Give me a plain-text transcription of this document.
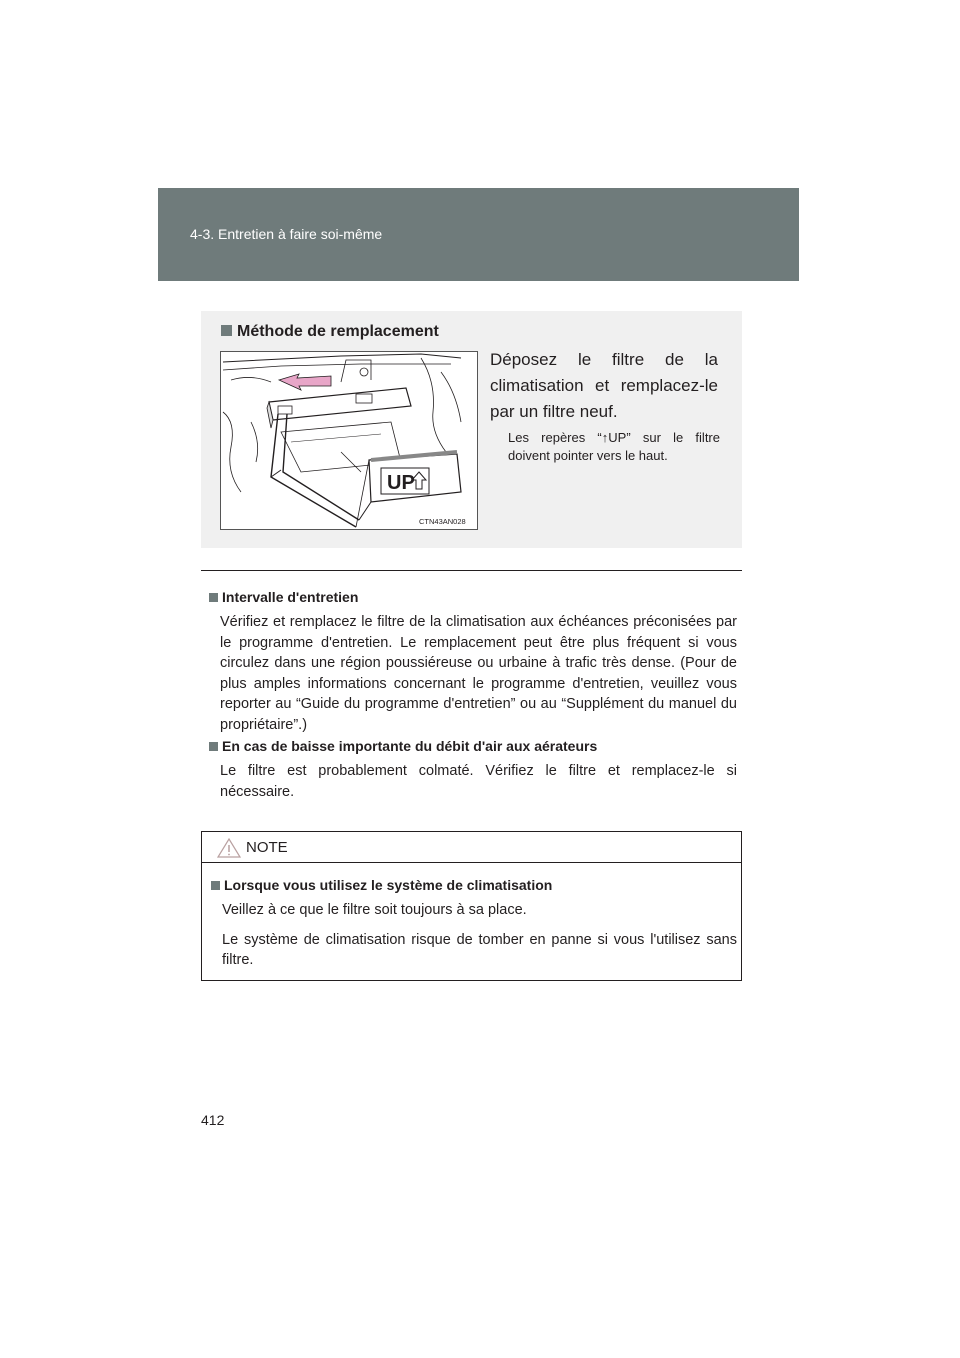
4-3. Entretien à faire soi-même
Méthode de remplacement
UP
CTN43AN028
Déposez le filtre de la climatisation et remplacez-le par un filtre neuf.
Les repères “↑UP” sur le filtre doivent pointer vers le haut.
Intervalle d'entretien
Vérifiez et remplacez le filtre de la climatisation aux échéances préconisées par le programme d'entretien. Le remplacement peut être plus fréquent si vous circulez dans une région poussiéreuse ou urbaine à trafic très dense. (Pour de plus amples informations concernant le programme d'entretien, veuillez vous reporter au “Guide du programme d'entretien” ou au “Supplément du manuel du propriétaire”.)
En cas de baisse importante du débit d'air aux aérateurs
Le filtre est probablement colmaté. Vérifiez le filtre et remplacez-le si nécessaire.
NOTE
Lorsque vous utilisez le système de climatisation
Veillez à ce que le filtre soit toujours à sa place.
Le système de climatisation risque de tomber en panne si vous l'utilisez sans filtre.
412
